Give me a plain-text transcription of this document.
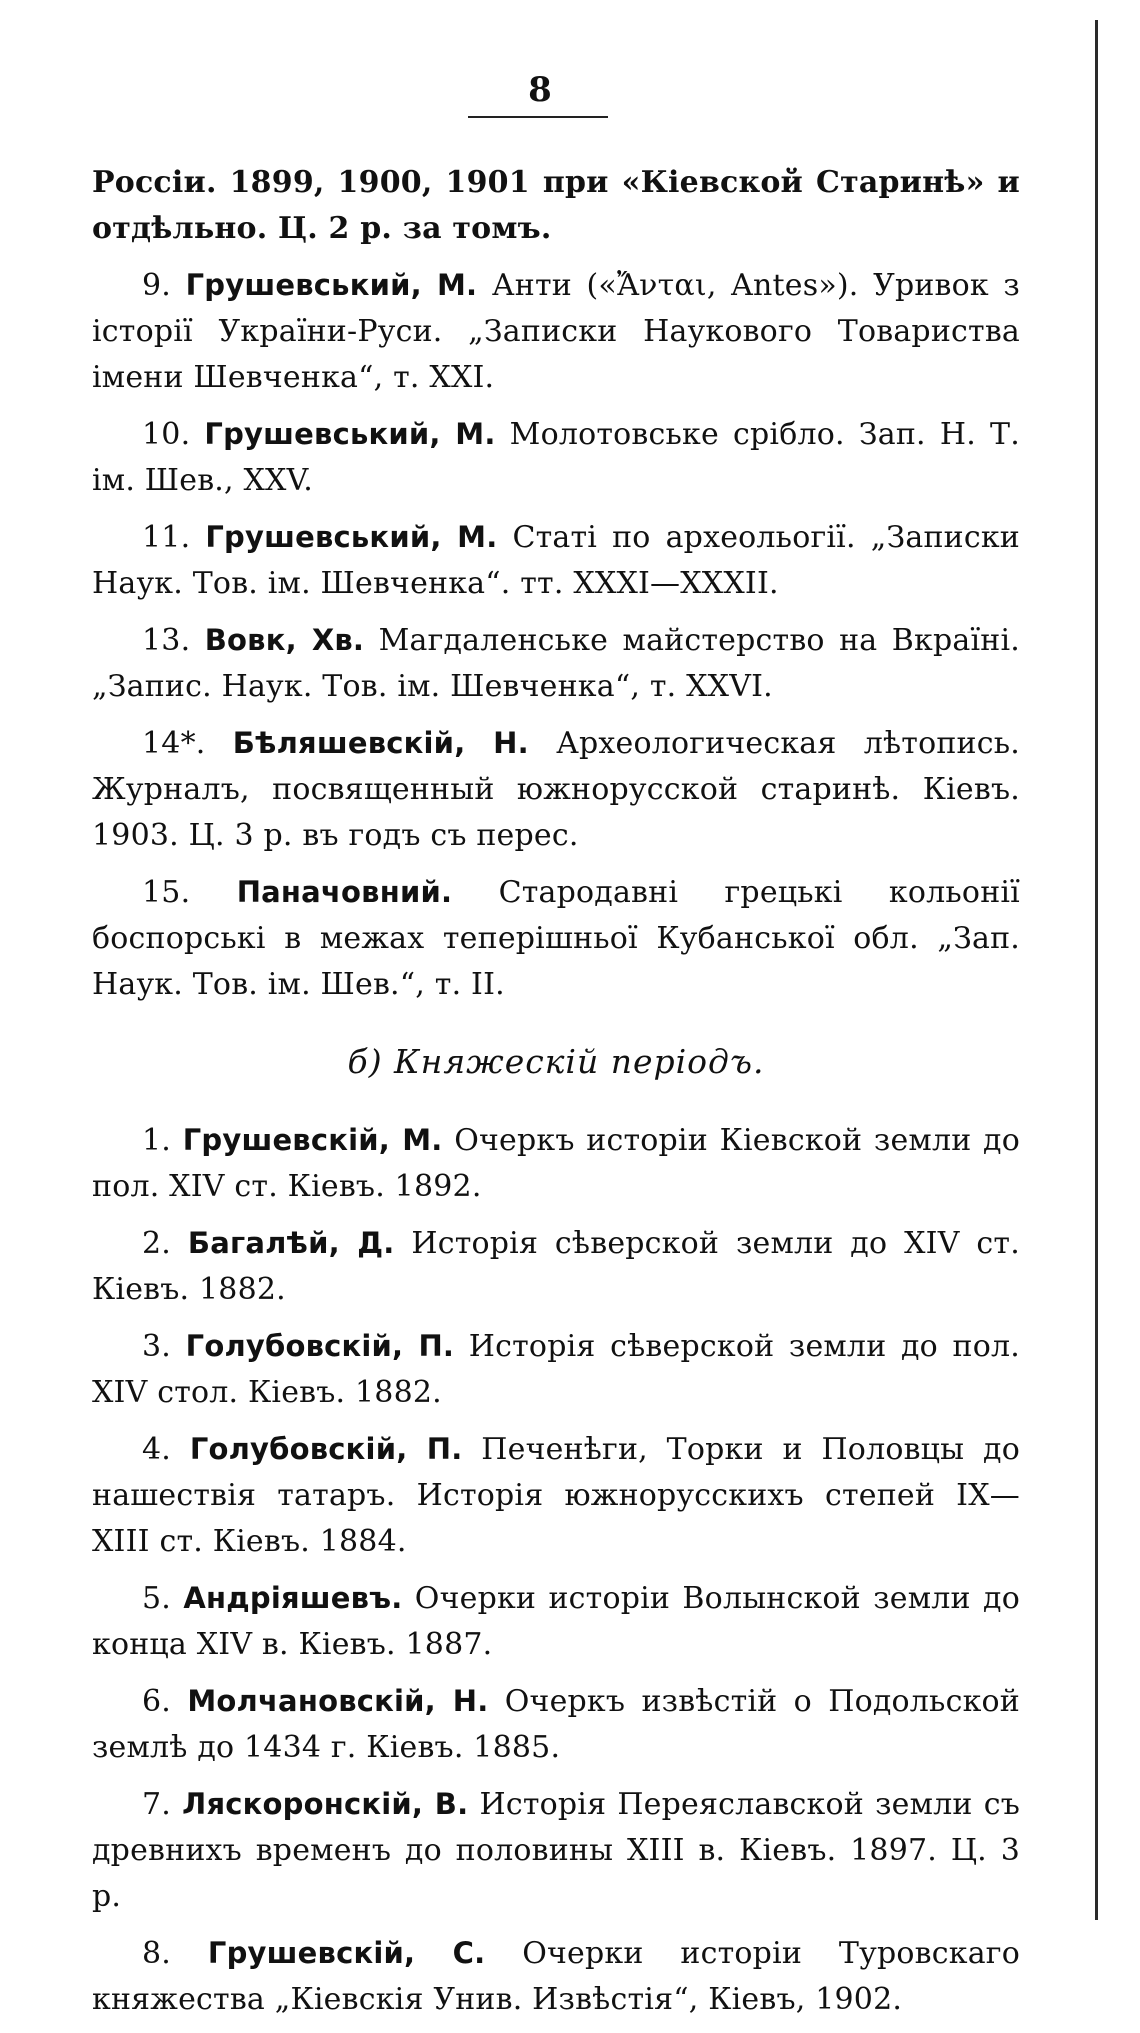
8

Россіи. 1899, 1900, 1901 при «Кіевской Старинѣ» и отдѣльно. Ц. 2 р. за томъ.

9. Грушевський, М. Анти («Ἄνται, Antes»). Уривок з історії України-Руси. „Записки Наукового Товариства імени Шевченка“, т. XXI.

10. Грушевський, М. Молотовське срібло. Зап. Н. Т. ім. Шев., XXV.

11. Грушевський, М. Статі по археольогії. „Записки Наук. Тов. ім. Шевченка“. тт. XXXI—XXXII.

13. Вовк, Хв. Магдаленське майстерство на Вкраїні. „Запис. Наук. Тов. ім. Шевченка“, т. XXVI.

14*. Бѣляшевскій, Н. Археологическая лѣтопись. Журналъ, посвященный южнорусской старинѣ. Кіевъ. 1903. Ц. 3 р. въ годъ съ перес.

15. Паначовний. Стародавні грецькі кольонії боспорські в межах теперішньої Кубанської обл. „Зап. Наук. Тов. ім. Шев.“, т. II.

б) Княжескій періодъ.

1. Грушевскій, М. Очеркъ исторіи Кіевской земли до пол. XIV ст. Кіевъ. 1892.

2. Багалѣй, Д. Исторія сѣверской земли до XIV ст. Кіевъ. 1882.

3. Голубовскій, П. Исторія сѣверской земли до пол. XIV стол. Кіевъ. 1882.

4. Голубовскій, П. Печенѣги, Торки и Половцы до нашествія татаръ. Исторія южнорусскихъ степей IX—XIII ст. Кіевъ. 1884.

5. Андріяшевъ. Очерки исторіи Волынской земли до конца XIV в. Кіевъ. 1887.

6. Молчановскій, Н. Очеркъ извѣстій о Подольской землѣ до 1434 г. Кіевъ. 1885.

7. Ляскоронскій, В. Исторія Переяславской земли съ древнихъ временъ до половины XIII в. Кіевъ. 1897. Ц. 3 р.

8. Грушевскій, С. Очерки исторіи Туровскаго княжества „Кіевскія Унив. Извѣстія“, Кіевъ, 1902.
